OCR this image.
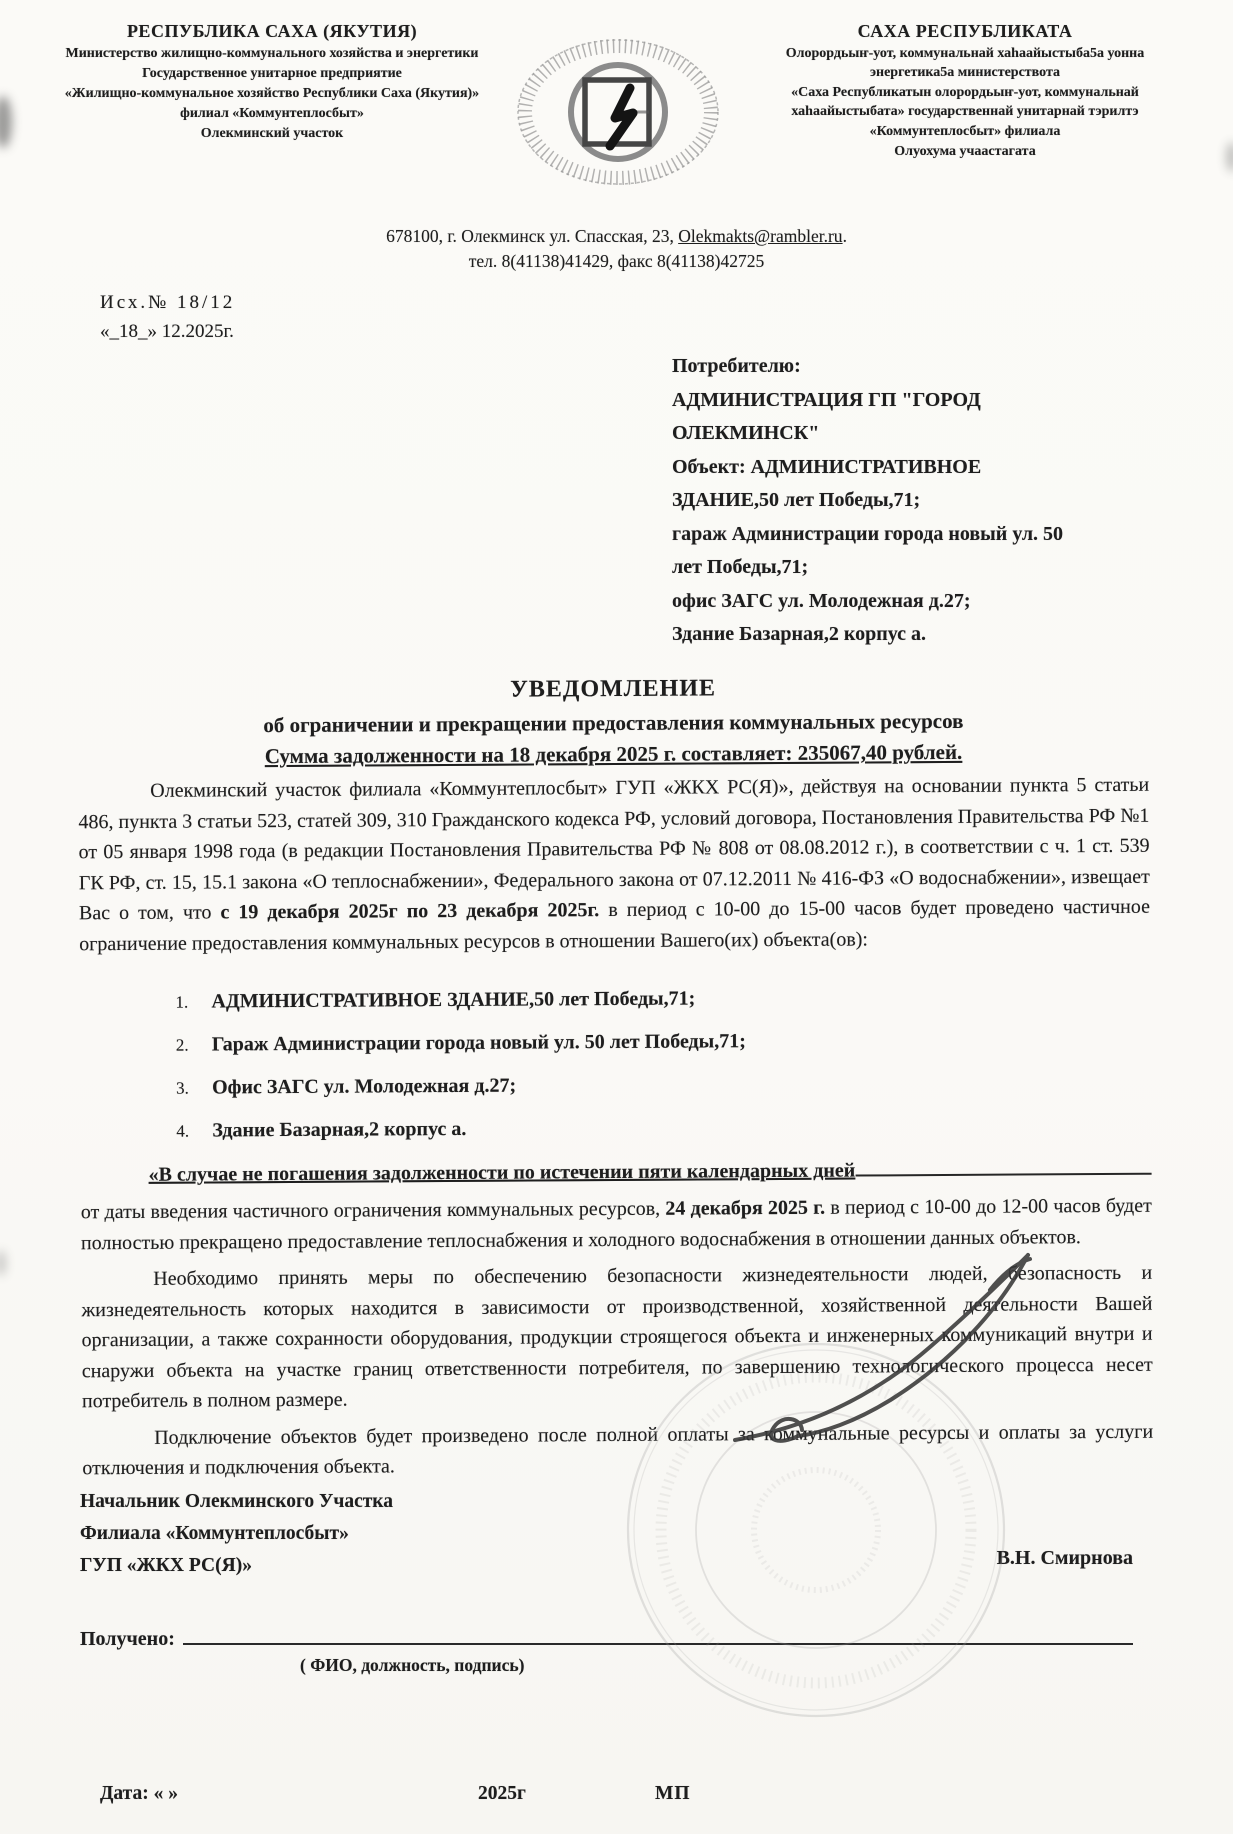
РЕСПУБЛИКА САХА (ЯКУТИЯ)
Министерство жилищно-коммунального хозяйства и энергетики
Государственное унитарное предприятие
«Жилищно-коммунальное хозяйство Республики Саха (Якутия)»
филиал «Коммунтеплосбыт»
Олекминский участок
САХА РЕСПУБЛИКАТА
Олорордьыҥ-уот, коммунальнай хаhаайыстыба5а уонна энергетика5а министерствота
«Саха Республикатын олорордьыҥ-уот, коммунальнай хаhаайыстыбата» государственнай унитарнай тэрилтэ
«Коммунтеплосбыт» филиала
Олуохума учаастагата
678100, г. Олекминск ул. Спасская, 23, Olekmakts@rambler.ru.
тел. 8(41138)41429, факс 8(41138)42725
Исх.№ 18/12
«_18_» 12.2025г.
Потребителю:
АДМИНИСТРАЦИЯ ГП "ГОРОД ОЛЕКМИНСК"
Объект: АДМИНИСТРАТИВНОЕ ЗДАНИЕ,50 лет Победы,71;
гараж Администрации города новый ул. 50 лет Победы,71;
офис ЗАГС ул. Молодежная д.27;
Здание Базарная,2 корпус а.
УВЕДОМЛЕНИЕ
об ограничении и прекращении предоставления коммунальных ресурсов
Сумма задолженности на 18 декабря 2025 г. составляет: 235067,40 рублей.

Олекминский участок филиала «Коммунтеплосбыт» ГУП «ЖКХ РС(Я)», действуя на основании пункта 5 статьи 486, пункта 3 статьи 523, статей 309, 310 Гражданского кодекса РФ, условий договора, Постановления Правительства РФ №1 от 05 января 1998 года (в редакции Постановления Правительства РФ № 808 от 08.08.2012 г.), в соответствии с ч. 1 ст. 539 ГК РФ, ст. 15, 15.1 закона «О теплоснабжении», Федерального закона от 07.12.2011 № 416-ФЗ «О водоснабжении», извещает Вас о том, что с 19 декабря 2025г по 23 декабря 2025г. в период с 10-00 до 15-00 часов будет проведено частичное ограничение предоставления коммунальных ресурсов в отношении Вашего(их) объекта(ов):

1. АДМИНИСТРАТИВНОЕ ЗДАНИЕ,50 лет Победы,71;
2. Гараж Администрации города новый ул. 50 лет Победы,71;
3. Офис ЗАГС ул. Молодежная д.27;
4. Здание Базарная,2 корпус а.
«В случае не погашения задолженности по истечении пяти календарных дней

от даты введения частичного ограничения коммунальных ресурсов, 24 декабря 2025 г. в период с 10-00 до 12-00 часов будет полностью прекращено предоставление теплоснабжения и холодного водоснабжения в отношении данных объектов.

Необходимо принять меры по обеспечению безопасности жизнедеятельности людей, безопасность и жизнедеятельность которых находится в зависимости от производственной, хозяйственной деятельности Вашей организации, а также сохранности оборудования, продукции строящегося объекта и инженерных коммуникаций внутри и снаружи объекта на участке границ ответственности потребителя, по завершению технологического процесса несет потребитель в полном размере.

Подключение объектов будет произведено после полной оплаты за коммунальные ресурсы и оплаты за услуги отключения и подключения объекта.

Начальник Олекминского Участка
Филиала «Коммунтеплосбыт»
ГУП «ЖКХ РС(Я)»	В.Н. Смирнова
Получено:
( ФИО, должность, подпись)
Дата: « »	2025г	МП
